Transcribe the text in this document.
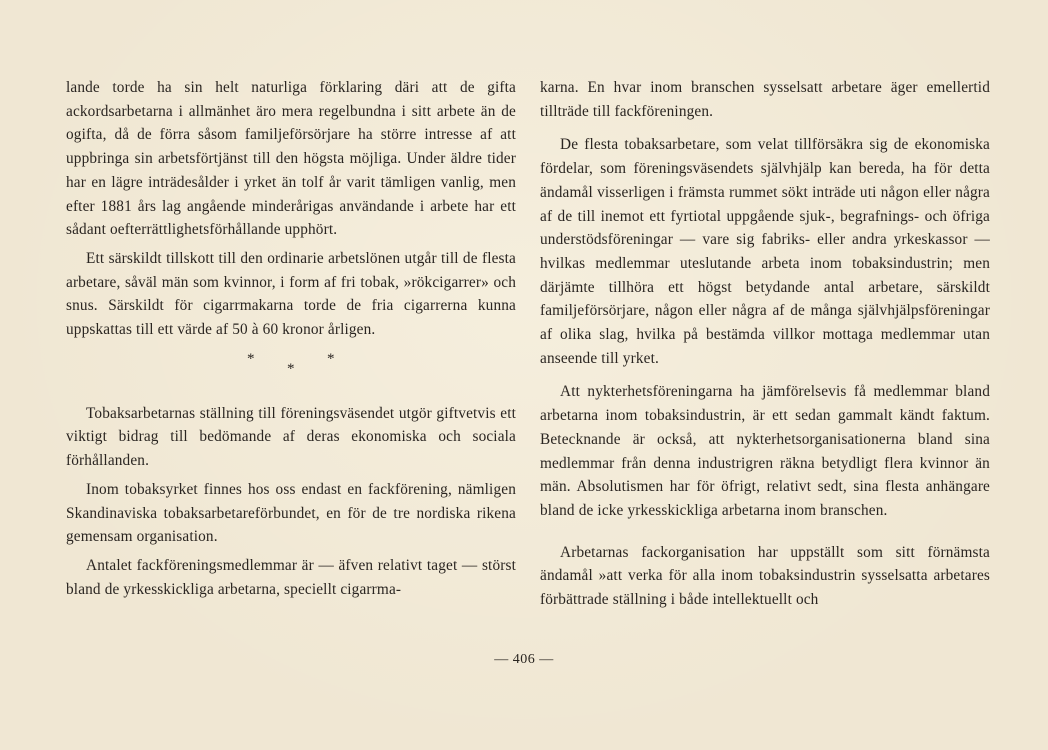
lande torde ha sin helt naturliga förklaring däri att de gifta ackordsarbetarna i allmänhet äro mera regelbundna i sitt arbete än de ogifta, då de förra såsom familjeförsörjare ha större intresse af att uppbringa sin arbetsförtjänst till den högsta möjliga. Under äldre tider har en lägre inträdesålder i yrket än tolf år varit tämligen vanlig, men efter 1881 års lag angående minderårigas användande i arbete har ett sådant oefterrättlighetsförhållande upphört.

Ett särskildt tillskott till den ordinarie arbetslönen utgår till de flesta arbetare, såväl män som kvinnor, i form af fri tobak, »rökcigarrer» och snus. Särskildt för cigarrmakarna torde de fria cigarrerna kunna uppskattas till ett värde af 50 à 60 kronor årligen.

*
*
*

Tobaksarbetarnas ställning till föreningsväsendet utgör giftvetvis ett viktigt bidrag till bedömande af deras ekonomiska och sociala förhållanden.

Inom tobaksyrket finnes hos oss endast en fackförening, nämligen Skandinaviska tobaksarbetareförbundet, en för de tre nordiska rikena gemensam organisation.

Antalet fackföreningsmedlemmar är — äfven relativt taget — störst bland de yrkesskickliga arbetarna, speciellt cigarrma-

karna. En hvar inom branschen sysselsatt arbetare äger emellertid tillträde till fackföreningen.

De flesta tobaksarbetare, som velat tillförsäkra sig de ekonomiska fördelar, som föreningsväsendets självhjälp kan bereda, ha för detta ändamål visserligen i främsta rummet sökt inträde uti någon eller några af de till inemot ett fyrtiotal uppgående sjuk-, begrafnings- och öfriga understödsföreningar — vare sig fabriks- eller andra yrkeskassor — hvilkas medlemmar uteslutande arbeta inom tobaksindustrin; men därjämte tillhöra ett högst betydande antal arbetare, särskildt familjeförsörjare, någon eller några af de många självhjälpsföreningar af olika slag, hvilka på bestämda villkor mottaga medlemmar utan anseende till yrket.

Att nykterhetsföreningarna ha jämförelsevis få medlemmar bland arbetarna inom tobaksindustrin, är ett sedan gammalt kändt faktum. Betecknande är också, att nykterhetsorganisationerna bland sina medlemmar från denna industrigren räkna betydligt flera kvinnor än män. Absolutismen har för öfrigt, relativt sedt, sina flesta anhängare bland de icke yrkesskickliga arbetarna inom branschen.

Arbetarnas fackorganisation har uppställt som sitt förnämsta ändamål »att verka för alla inom tobaksindustrin sysselsatta arbetares förbättrade ställning i både intellektuellt och

— 406 —
